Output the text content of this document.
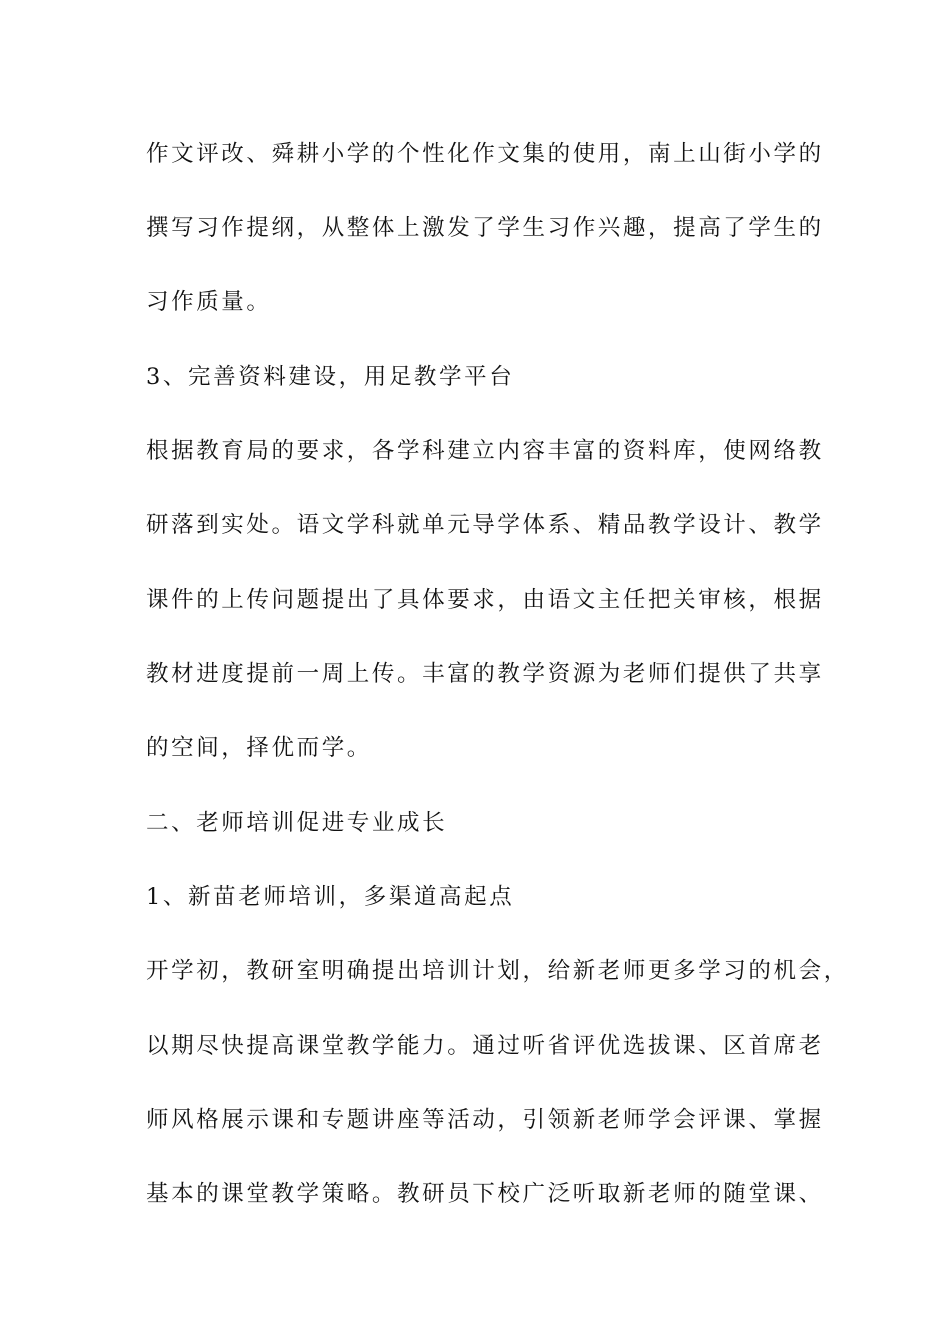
作文评改、舜耕小学的个性化作文集的使用，南上山街小学的
撰写习作提纲，从整体上激发了学生习作兴趣，提高了学生的
习作质量。
3、完善资料建设，用足教学平台
根据教育局的要求，各学科建立内容丰富的资料库，使网络教
研落到实处。语文学科就单元导学体系、精品教学设计、教学
课件的上传问题提出了具体要求，由语文主任把关审核，根据
教材进度提前一周上传。丰富的教学资源为老师们提供了共享
的空间，择优而学。
二、老师培训促进专业成长
1、新苗老师培训，多渠道高起点
开学初，教研室明确提出培训计划，给新老师更多学习的机会，
以期尽快提高课堂教学能力。通过听省评优选拔课、区首席老
师风格展示课和专题讲座等活动，引领新老师学会评课、掌握
基本的课堂教学策略。教研员下校广泛听取新老师的随堂课、
